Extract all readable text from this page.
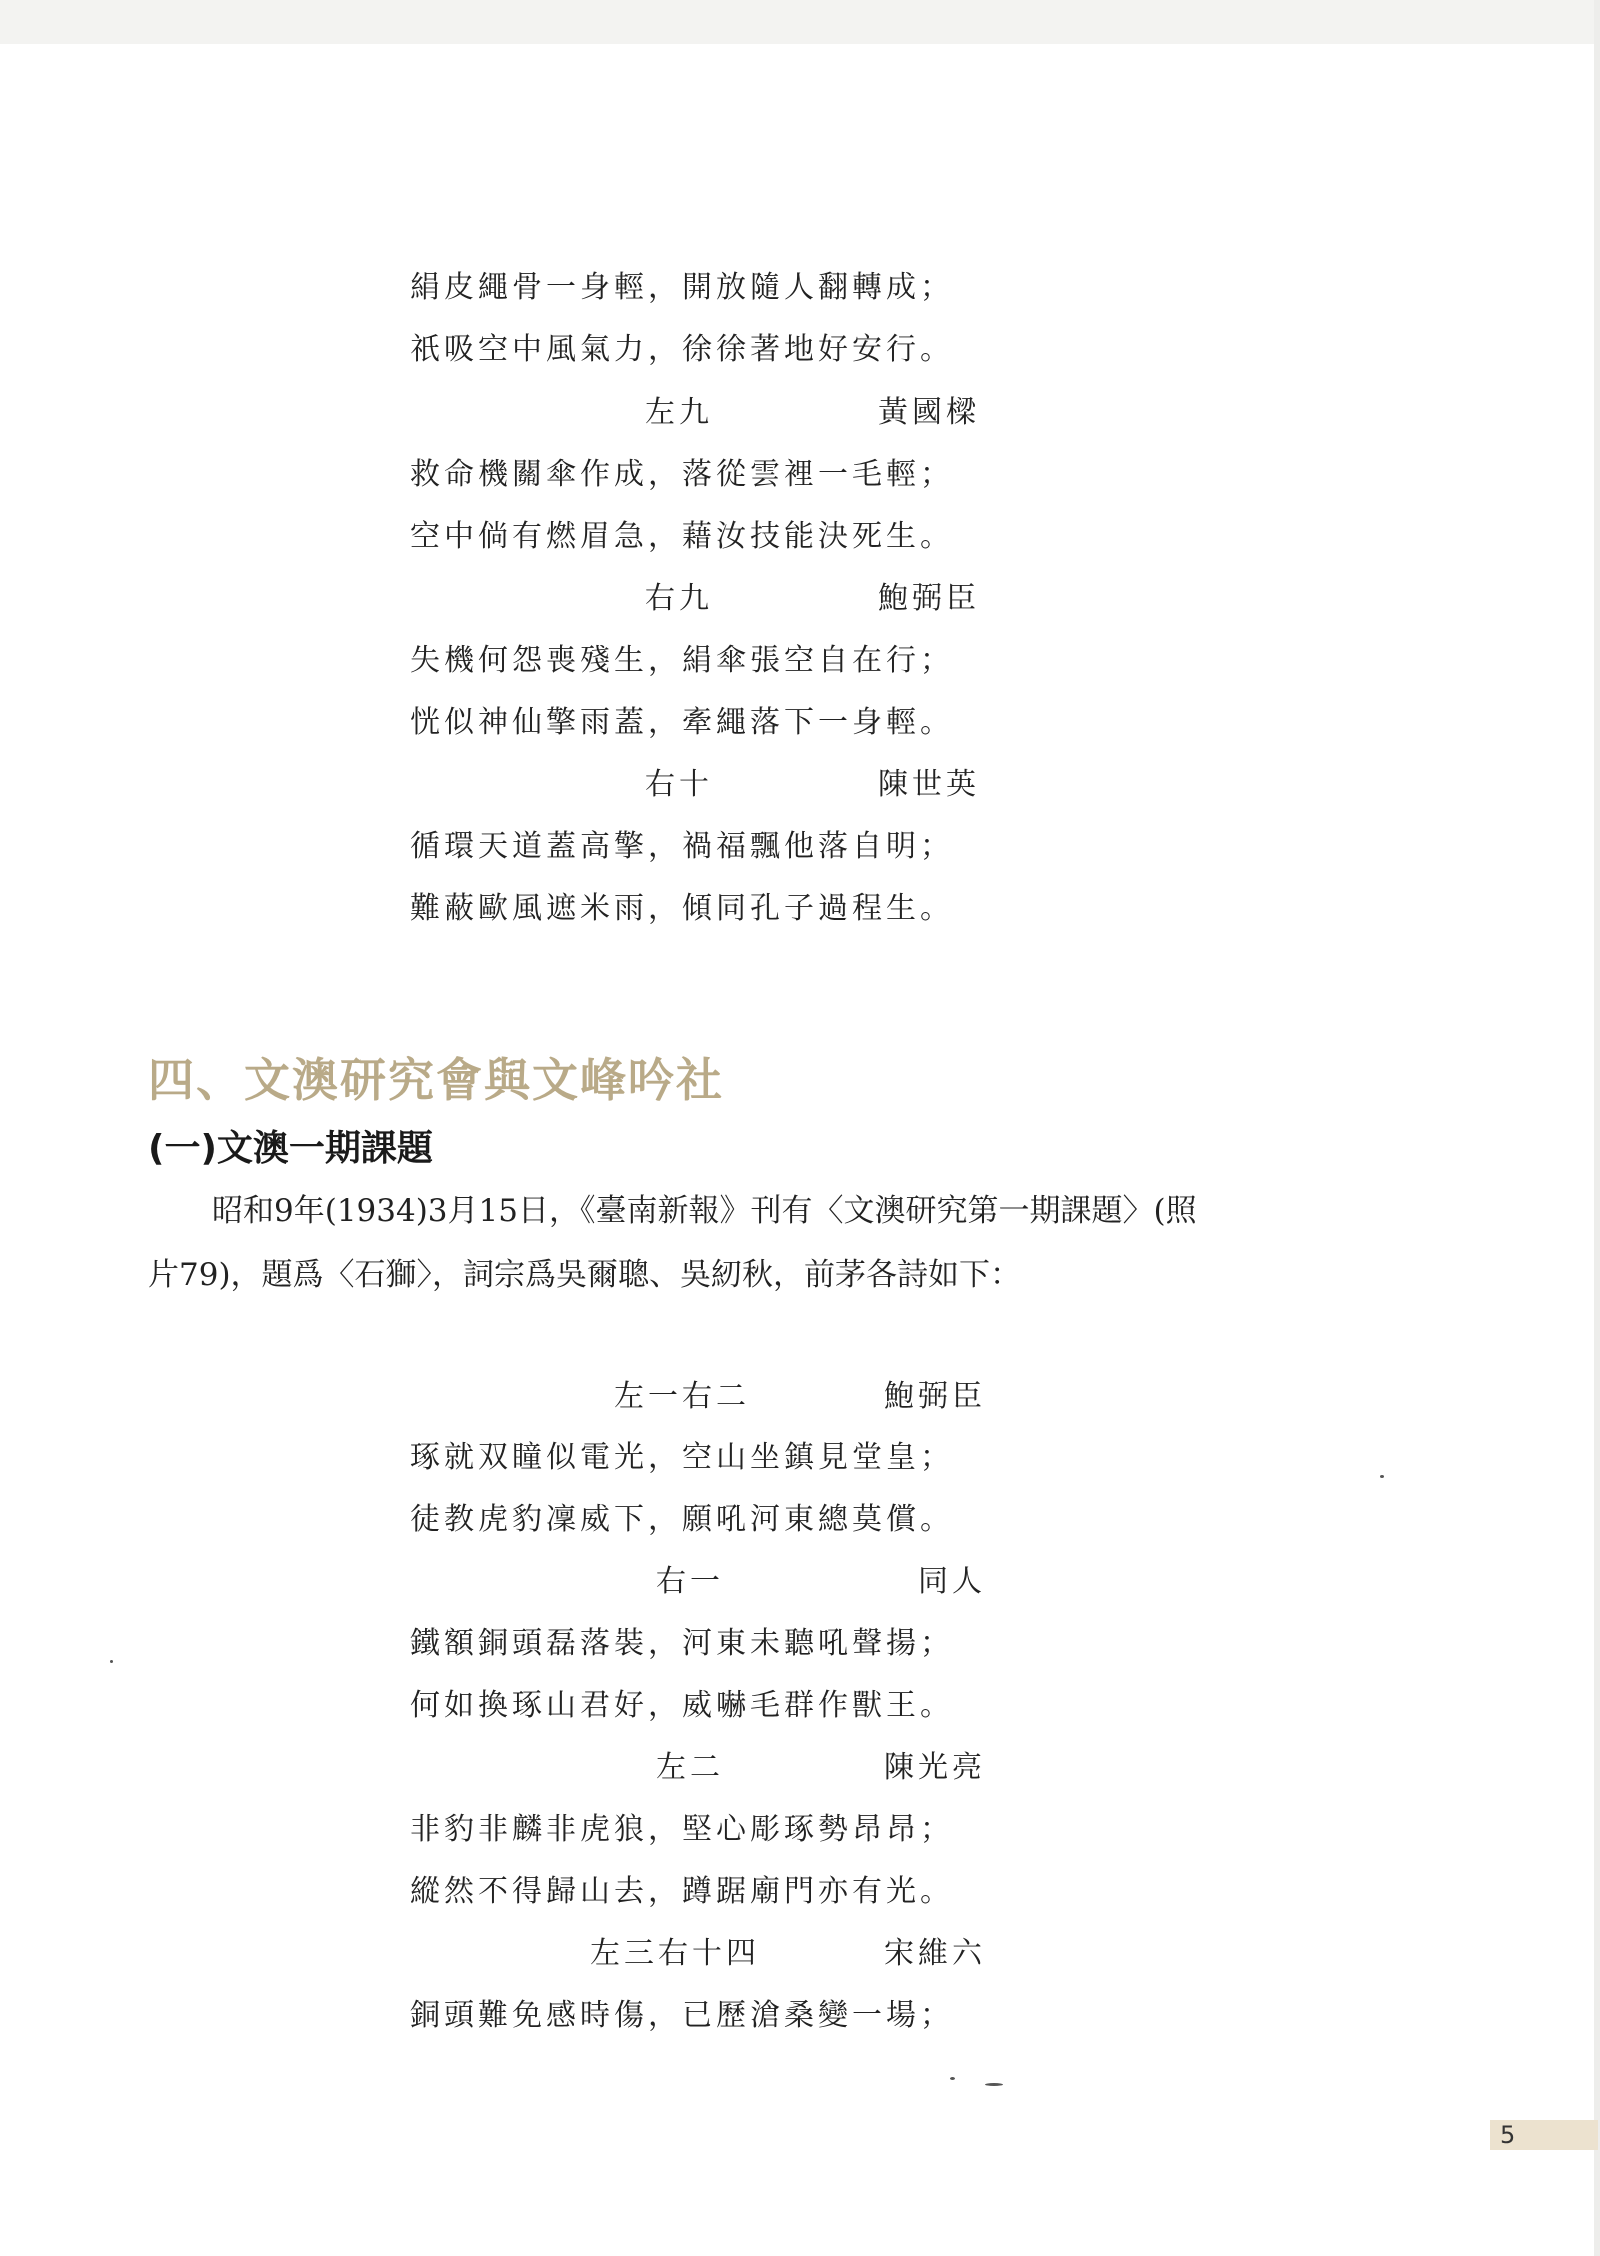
絹皮繩骨一身輕，開放隨人翻轉成；
祇吸空中風氣力，徐徐著地好安行。
左九	黃國樑
救命機關傘作成，落從雲裡一毛輕；
空中倘有燃眉急，藉汝技能決死生。
右九	鮑弼臣
失機何怨喪殘生，絹傘張空自在行；
恍似神仙擎雨蓋，牽繩落下一身輕。
右十	陳世英
循環天道蓋高擎，禍福飄他落自明；
難蔽歐風遮米雨，傾同孔子過程生。
四、文澳研究會與文峰吟社
(一)文澳一期課題
昭和9年(1934)3月15日，《臺南新報》刊有〈文澳研究第一期課題〉(照
片79)，題爲〈石獅〉，詞宗爲吳爾聰、吳紉秋，前茅各詩如下：
左一右二	鮑弼臣
琢就双瞳似電光，空山坐鎮見堂皇；
徒教虎豹凜威下，願吼河東總莫償。
右一	同人
鐵額銅頭磊落裝，河東未聽吼聲揚；
何如換琢山君好，威嚇毛群作獸王。
左二	陳光亮
非豹非麟非虎狼，堅心彫琢勢昂昂；
縱然不得歸山去，蹲踞廟門亦有光。
左三右十四	宋維六
銅頭難免感時傷，已歷滄桑變一場；
5
